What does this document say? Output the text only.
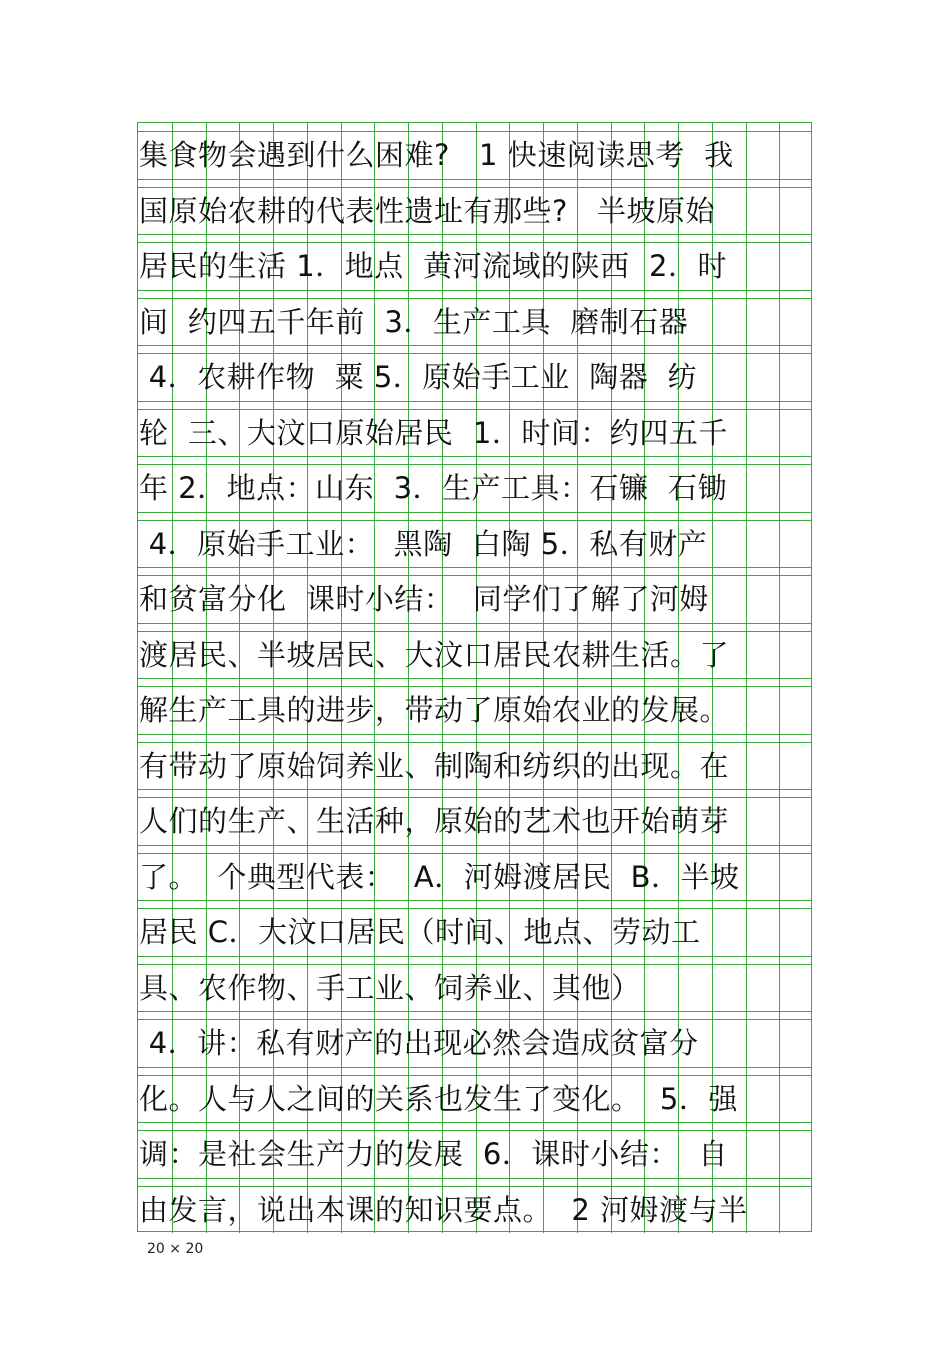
集食物会遇到什么困难?   1 快速阅读思考  我
国原始农耕的代表性遗址有那些?   半坡原始
居民的生活 1．地点  黄河流域的陕西  2．时
间  约四五千年前  3．生产工具  磨制石器
4．农耕作物  粟 5．原始手工业  陶器  纺
轮  三、大汶口原始居民  1．时间：约四五千
年 2．地点：山东  3．生产工具：石镰  石锄
4．原始手工业：  黑陶  白陶 5．私有财产
和贫富分化  课时小结：  同学们了解了河姆
渡居民、半坡居民、大汶口居民农耕生活。了
解生产工具的进步，带动了原始农业的发展。
有带动了原始饲养业、制陶和纺织的出现。在
人们的生产、生活种，原始的艺术也开始萌芽
了。  个典型代表：  A．河姆渡居民  B．半坡
居民 C．大汶口居民（时间、地点、劳动工
具、农作物、手工业、饲养业、其他）
4．讲：私有财产的出现必然会造成贫富分
化。人与人之间的关系也发生了变化。  5．强
调：是社会生产力的发展  6．课时小结：  自
由发言，说出本课的知识要点。  2 河姆渡与半
20 × 20
